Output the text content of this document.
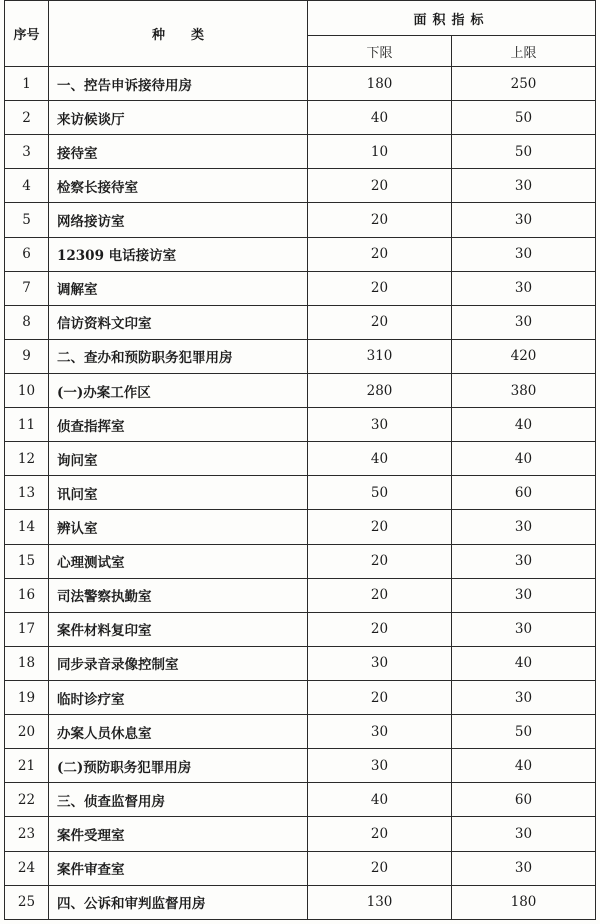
序号	种　　类	面积指标	
		下限	上限
1	一、控告申诉接待用房	180	250
2	来访候谈厅	40	50
3	接待室	10	50
4	检察长接待室	20	30
5	网络接访室	20	30
6	12309 电话接访室	20	30
7	调解室	20	30
8	信访资料文印室	20	30
9	二、查办和预防职务犯罪用房	310	420
10	(一)办案工作区	280	380
11	侦查指挥室	30	40
12	询问室	40	40
13	讯问室	50	60
14	辨认室	20	30
15	心理测试室	20	30
16	司法警察执勤室	20	30
17	案件材料复印室	20	30
18	同步录音录像控制室	30	40
19	临时诊疗室	20	30
20	办案人员休息室	30	50
21	(二)预防职务犯罪用房	30	40
22	三、侦查监督用房	40	60
23	案件受理室	20	30
24	案件审查室	20	30
25	四、公诉和审判监督用房	130	180
